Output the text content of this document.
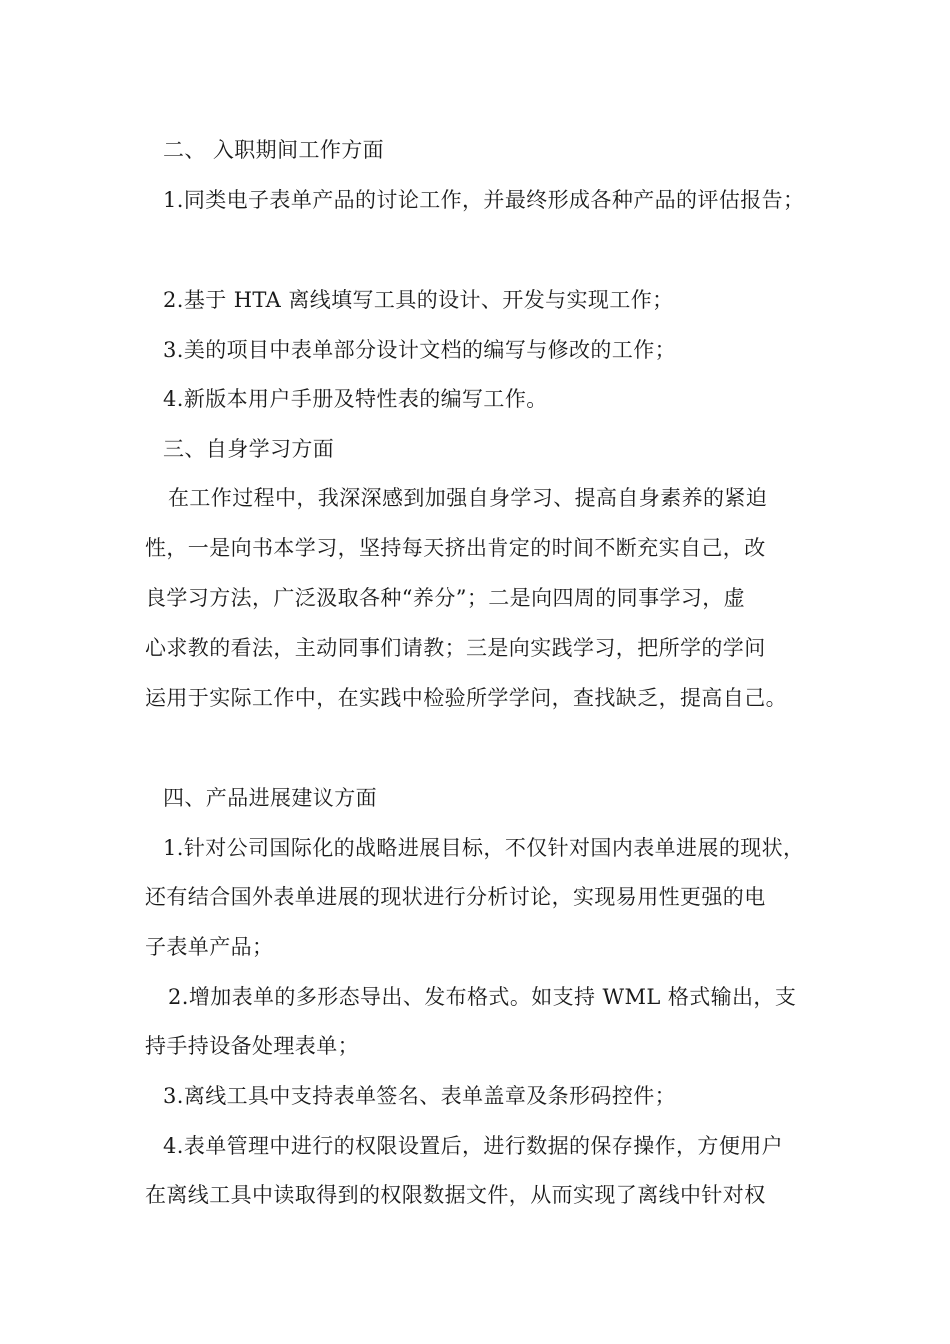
二、 入职期间工作方面
1.同类电子表单产品的讨论工作，并最终形成各种产品的评估报告；
2.基于 HTA 离线填写工具的设计、开发与实现工作；
3.美的项目中表单部分设计文档的编写与修改的工作；
4.新版本用户手册及特性表的编写工作。
三、自身学习方面
在工作过程中，我深深感到加强自身学习、提高自身素养的紧迫
性，一是向书本学习，坚持每天挤出肯定的时间不断充实自己，改
良学习方法，广泛汲取各种“养分”；二是向四周的同事学习，虚
心求教的看法，主动同事们请教；三是向实践学习，把所学的学问
运用于实际工作中，在实践中检验所学学问，查找缺乏，提高自己。
四、产品进展建议方面
1.针对公司国际化的战略进展目标，不仅针对国内表单进展的现状，
还有结合国外表单进展的现状进行分析讨论，实现易用性更强的电
子表单产品；
2.增加表单的多形态导出、发布格式。如支持 WML 格式输出，支
持手持设备处理表单；
3.离线工具中支持表单签名、表单盖章及条形码控件；
4.表单管理中进行的权限设置后，进行数据的保存操作，方便用户
在离线工具中读取得到的权限数据文件，从而实现了离线中针对权
